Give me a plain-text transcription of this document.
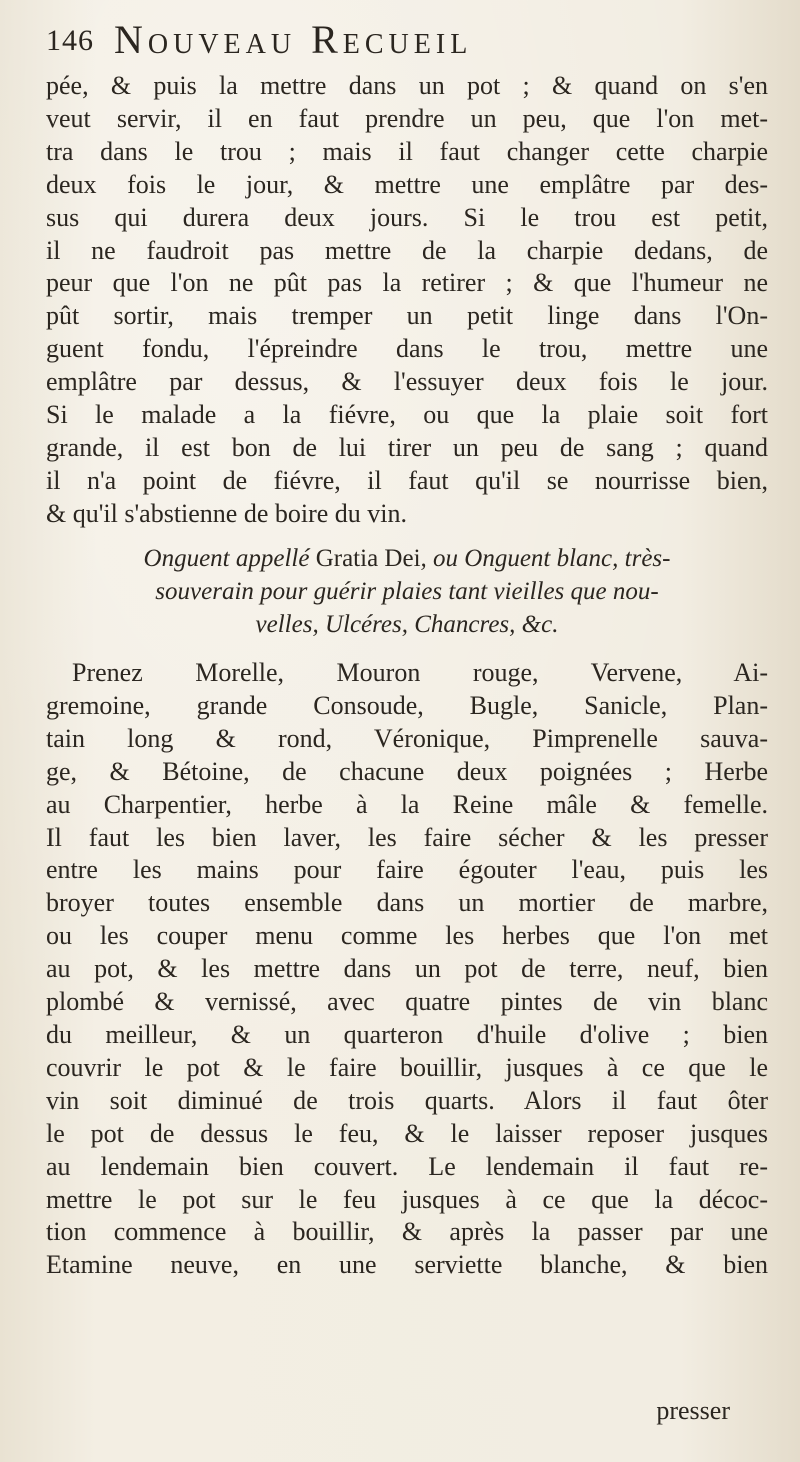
146 Nouveau Recueil

pée, & puis la mettre dans un pot ; & quand on s'en

veut servir, il en faut prendre un peu, que l'on met-

tra dans le trou ; mais il faut changer cette charpie

deux fois le jour, & mettre une emplâtre par des-

sus qui durera deux jours. Si le trou est petit,

il ne faudroit pas mettre de la charpie dedans, de

peur que l'on ne pût pas la retirer ; & que l'humeur ne

pût sortir, mais tremper un petit linge dans l'On-

guent fondu, l'épreindre dans le trou, mettre une

emplâtre par dessus, & l'essuyer deux fois le jour.

Si le malade a la fiévre, ou que la plaie soit fort

grande, il est bon de lui tirer un peu de sang ; quand

il n'a point de fiévre, il faut qu'il se nourrisse bien,

& qu'il s'abstienne de boire du vin.

Onguent appellé Gratia Dei, ou Onguent blanc, très-
souverain pour guérir plaies tant vieilles que nou-
velles, Ulcéres, Chancres, &c.

Prenez Morelle, Mouron rouge, Vervene, Ai-

gremoine, grande Consoude, Bugle, Sanicle, Plan-

tain long & rond, Véronique, Pimprenelle sauva-

ge, & Bétoine, de chacune deux poignées ; Herbe

au Charpentier, herbe à la Reine mâle & femelle.

Il faut les bien laver, les faire sécher & les presser

entre les mains pour faire égouter l'eau, puis les

broyer toutes ensemble dans un mortier de marbre,

ou les couper menu comme les herbes que l'on met

au pot, & les mettre dans un pot de terre, neuf, bien

plombé & vernissé, avec quatre pintes de vin blanc

du meilleur, & un quarteron d'huile d'olive ; bien

couvrir le pot & le faire bouillir, jusques à ce que le

vin soit diminué de trois quarts. Alors il faut ôter

le pot de dessus le feu, & le laisser reposer jusques

au lendemain bien couvert. Le lendemain il faut re-

mettre le pot sur le feu jusques à ce que la décoc-

tion commence à bouillir, & après la passer par une

Etamine neuve, en une serviette blanche, & bien

presser
